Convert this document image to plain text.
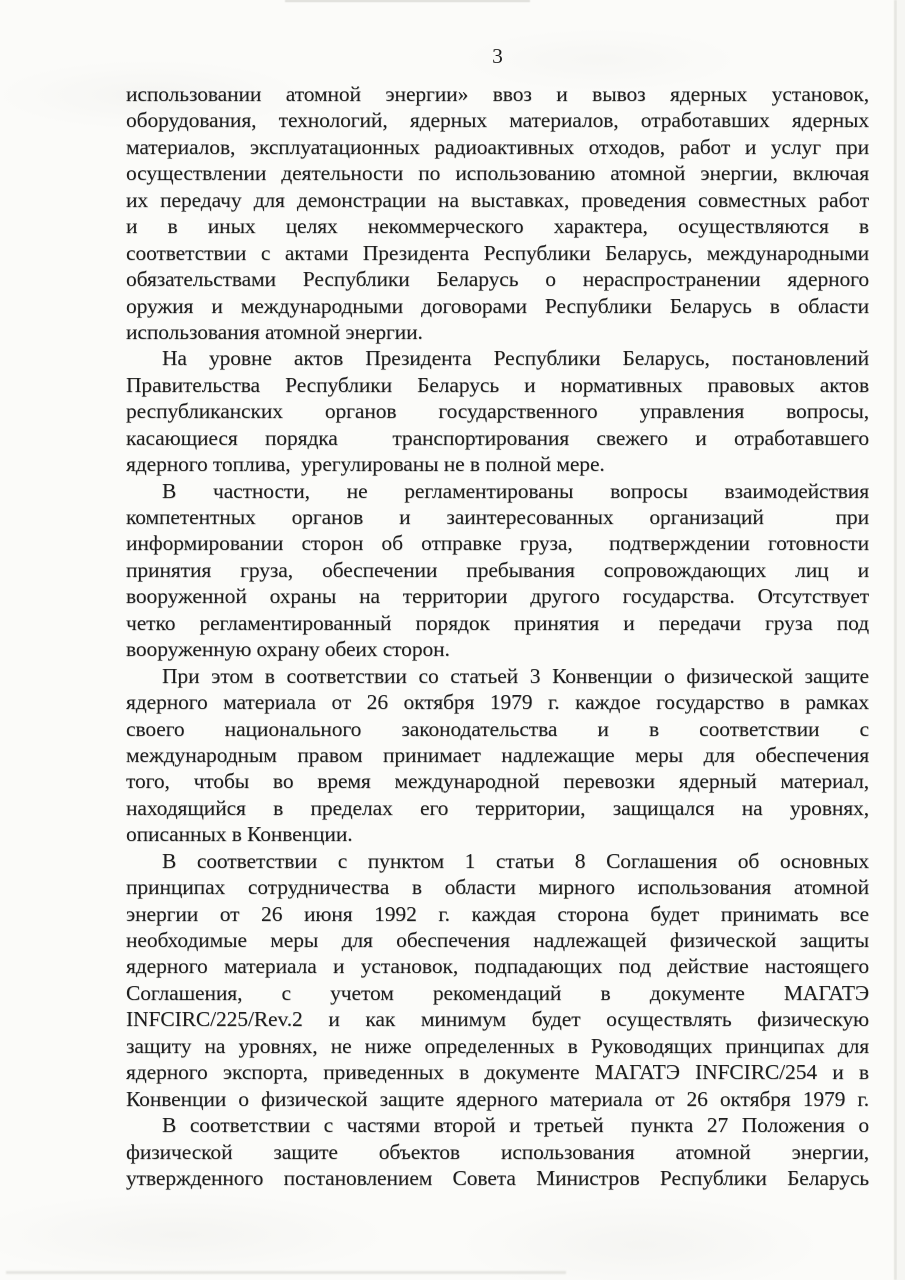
3
использовании атомной энергии» ввоз и вывоз ядерных установок,
оборудования, технологий, ядерных материалов, отработавших ядерных
материалов, эксплуатационных радиоактивных отходов, работ и услуг при
осуществлении деятельности по использованию атомной энергии, включая
их передачу для демонстрации на выставках, проведения совместных работ
и в иных целях некоммерческого характера, осуществляются в
соответствии с актами Президента Республики Беларусь, международными
обязательствами Республики Беларусь о нераспространении ядерного
оружия и международными договорами Республики Беларусь в области
использования атомной энергии.
На уровне актов Президента Республики Беларусь, постановлений
Правительства Республики Беларусь и нормативных правовых актов
республиканских органов государственного управления вопросы,
касающиеся порядка  транспортирования свежего и отработавшего
ядерного топлива,  урегулированы не в полной мере.
В частности, не регламентированы вопросы взаимодействия
компетентных органов и заинтересованных организаций  при
информировании сторон об отправке груза,  подтверждении готовности
принятия груза, обеспечении пребывания сопровождающих лиц и
вооруженной охраны на территории другого государства. Отсутствует
четко регламентированный порядок принятия и передачи груза под
вооруженную охрану обеих сторон.
При этом в соответствии со статьей 3 Конвенции о физической защите
ядерного материала от 26 октября 1979 г. каждое государство в рамках
своего национального законодательства и в соответствии с
международным правом принимает надлежащие меры для обеспечения
того, чтобы во время международной перевозки ядерный материал,
находящийся в пределах его территории, защищался на уровнях,
описанных в Конвенции.
В соответствии с пунктом 1 статьи 8 Соглашения об основных
принципах сотрудничества в области мирного использования атомной
энергии от 26 июня 1992 г. каждая сторона будет принимать все
необходимые меры для обеспечения надлежащей физической защиты
ядерного материала и установок, подпадающих под действие настоящего
Соглашения, с учетом рекомендаций в документе МАГАТЭ
INFCIRC/225/Rev.2 и как минимум будет осуществлять физическую
защиту на уровнях, не ниже определенных в Руководящих принципах для
ядерного экспорта, приведенных в документе МАГАТЭ INFCIRC/254 и в
Конвенции о физической защите ядерного материала от 26 октября 1979 г.
В соответствии с частями второй и третьей  пункта 27 Положения о
физической защите объектов использования атомной энергии,
утвержденного постановлением Совета Министров Республики Беларусь
